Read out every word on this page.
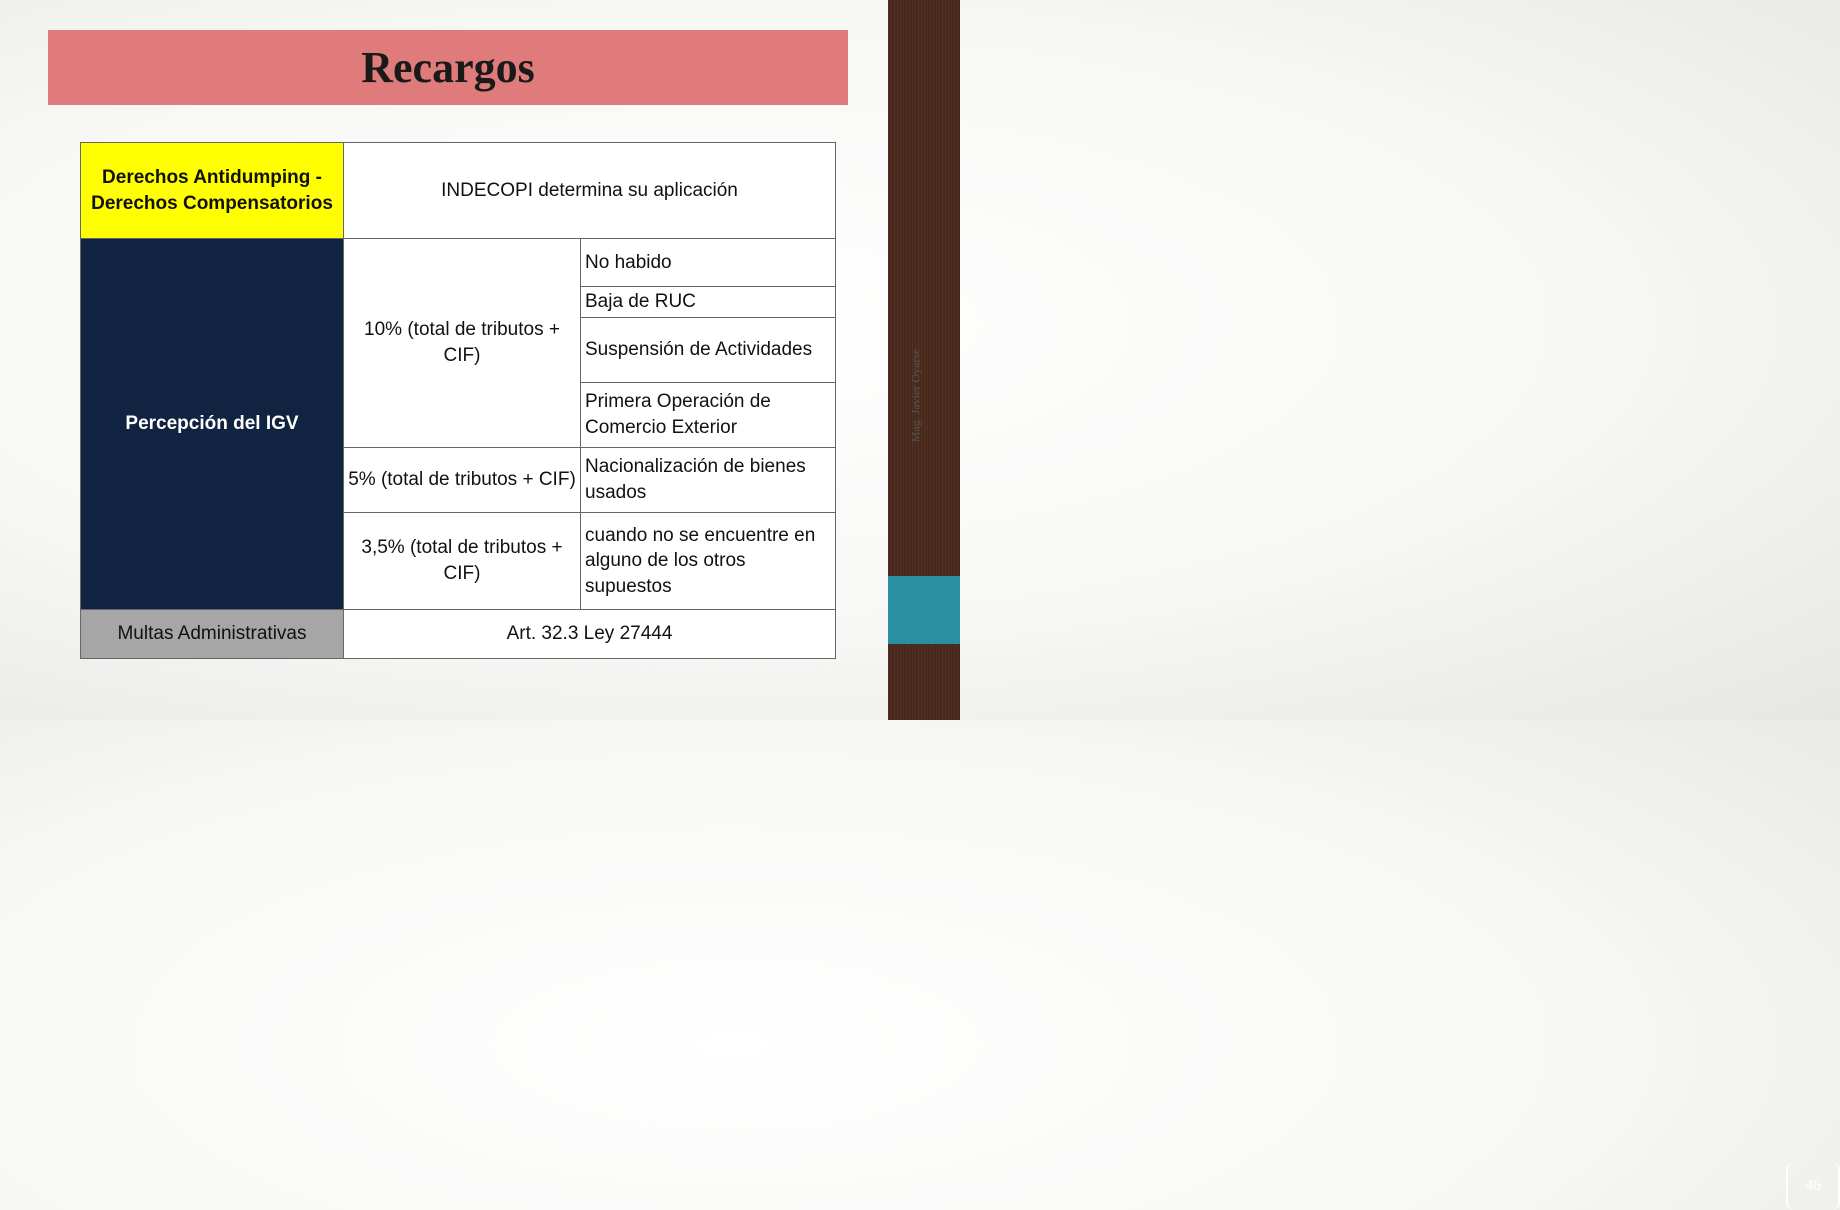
Mag. Javier Oyarse
46
Recargos
Derechos Antidumping - Derechos Compensatorios	INDECOPI determina su aplicación	
Percepción del IGV	10% (total de tributos + CIF)	No habido
		Baja de RUC
		Suspensión de Actividades
		Primera Operación de Comercio Exterior
	5% (total de tributos + CIF)	Nacionalización de bienes usados
	3,5% (total de tributos + CIF)	cuando no se encuentre en alguno de los otros supuestos
Multas Administrativas	Art. 32.3 Ley 27444	
